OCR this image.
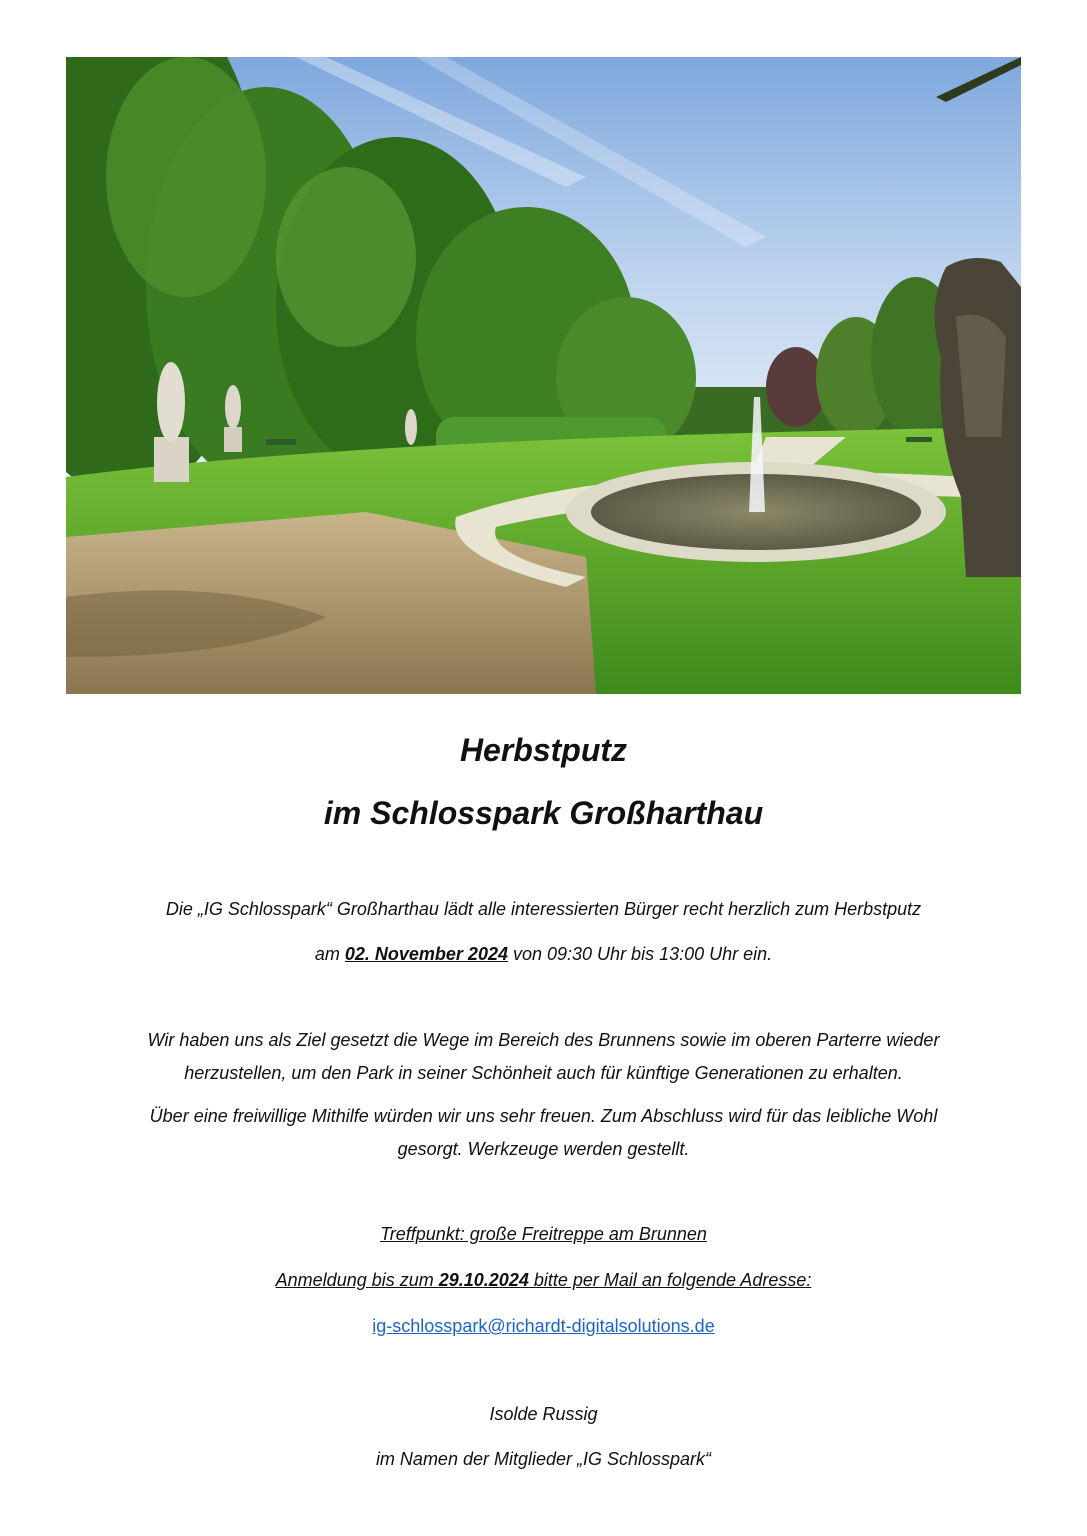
Herbstputz
im Schlosspark Großharthau
Die „IG Schlosspark“ Großharthau lädt alle interessierten Bürger recht herzlich zum Herbstputz
am 02. November 2024 von 09:30 Uhr bis 13:00 Uhr ein.
Wir haben uns als Ziel gesetzt die Wege im Bereich des Brunnens sowie im oberen Parterre wieder
herzustellen, um den Park in seiner Schönheit auch für künftige Generationen zu erhalten.
Über eine freiwillige Mithilfe würden wir uns sehr freuen. Zum Abschluss wird für das leibliche Wohl
gesorgt. Werkzeuge werden gestellt.
Treffpunkt: große Freitreppe am Brunnen
Anmeldung bis zum 29.10.2024 bitte per Mail an folgende Adresse:
ig-schlosspark@richardt-digitalsolutions.de
Isolde Russig
im Namen der Mitglieder „IG Schlosspark“
